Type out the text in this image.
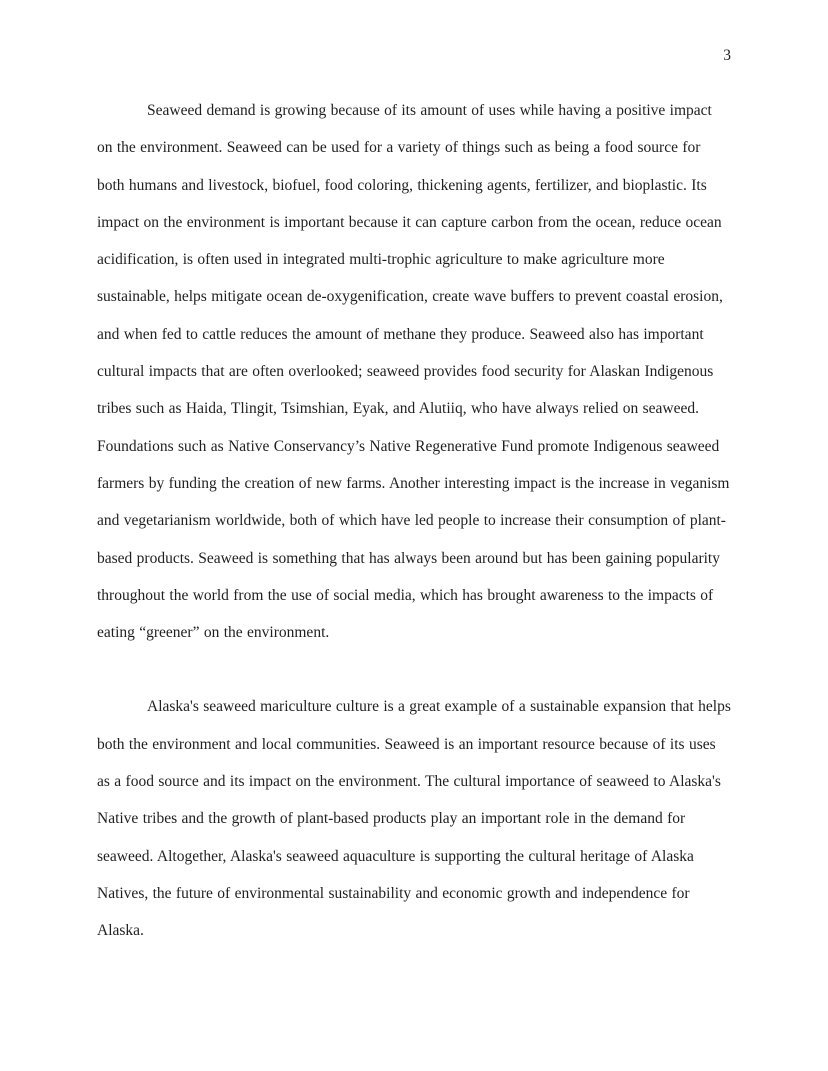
3

Seaweed demand is growing because of its amount of uses while having a positive impact on the environment. Seaweed can be used for a variety of things such as being a food source for both humans and livestock, biofuel, food coloring, thickening agents, fertilizer, and bioplastic. Its impact on the environment is important because it can capture carbon from the ocean, reduce ocean acidification, is often used in integrated multi-trophic agriculture to make agriculture more sustainable, helps mitigate ocean de-oxygenification, create wave buffers to prevent coastal erosion, and when fed to cattle reduces the amount of methane they produce. Seaweed also has important cultural impacts that are often overlooked; seaweed provides food security for Alaskan Indigenous tribes such as Haida, Tlingit, Tsimshian, Eyak, and Alutiiq, who have always relied on seaweed. Foundations such as Native Conservancy’s Native Regenerative Fund promote Indigenous seaweed farmers by funding the creation of new farms. Another interesting impact is the increase in veganism and vegetarianism worldwide, both of which have led people to increase their consumption of plant-based products. Seaweed is something that has always been around but has been gaining popularity throughout the world from the use of social media, which has brought awareness to the impacts of eating “greener” on the environment.

Alaska's seaweed mariculture culture is a great example of a sustainable expansion that helps both the environment and local communities. Seaweed is an important resource because of its uses as a food source and its impact on the environment. The cultural importance of seaweed to Alaska's Native tribes and the growth of plant-based products play an important role in the demand for seaweed. Altogether, Alaska's seaweed aquaculture is supporting the cultural heritage of Alaska Natives, the future of environmental sustainability and economic growth and independence for Alaska.
